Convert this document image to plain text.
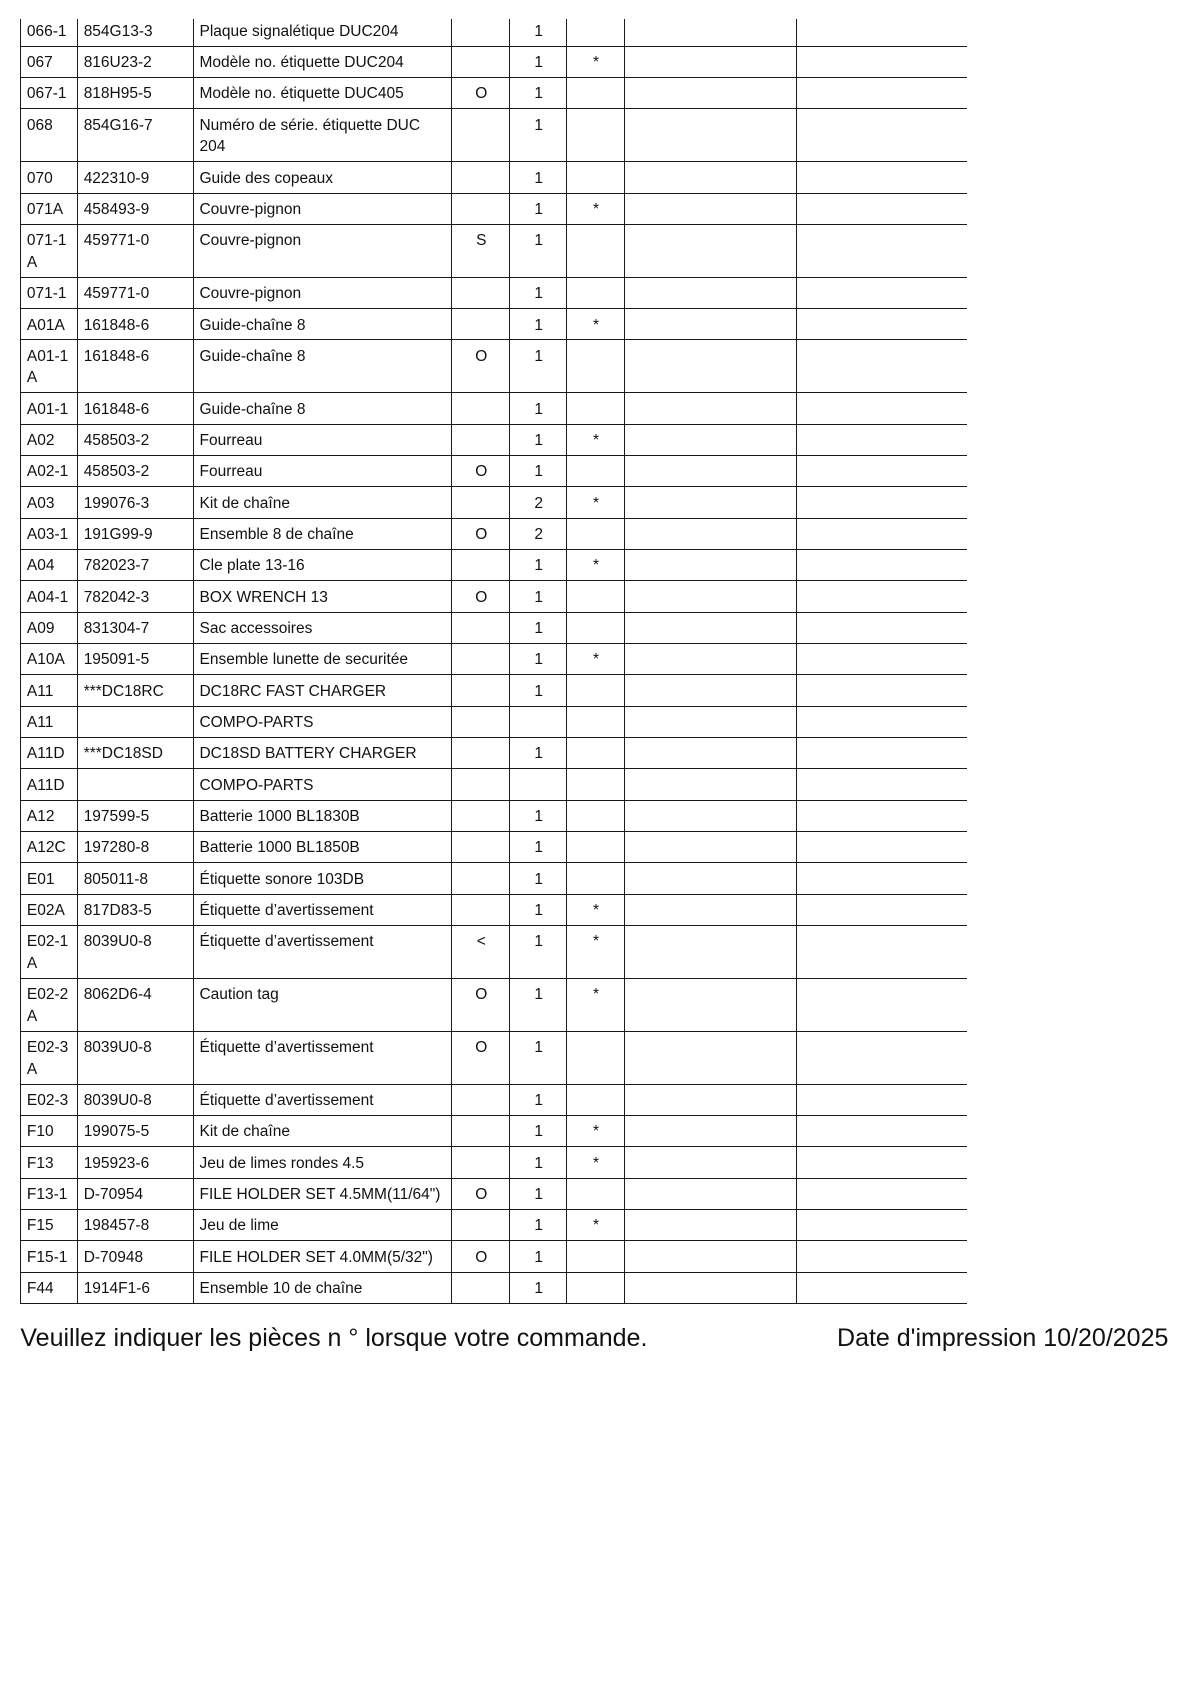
066-1	854G13-3	Plaque signalétique DUC204		1			
067	816U23-2	Modèle no. étiquette DUC204		1	*		
067-1	818H95-5	Modèle no. étiquette DUC405	O	1			
068	854G16-7	Numéro de série. étiquette DUC 204		1			
070	422310-9	Guide des copeaux		1			
071A	458493-9	Couvre-pignon		1	*		
071-1A	459771-0	Couvre-pignon	S	1			
071-1	459771-0	Couvre-pignon		1			
A01A	161848-6	Guide-chaîne 8		1	*		
A01-1A	161848-6	Guide-chaîne 8	O	1			
A01-1	161848-6	Guide-chaîne 8		1			
A02	458503-2	Fourreau		1	*		
A02-1	458503-2	Fourreau	O	1			
A03	199076-3	Kit de chaîne		2	*		
A03-1	191G99-9	Ensemble 8 de chaîne	O	2			
A04	782023-7	Cle plate 13-16		1	*		
A04-1	782042-3	BOX WRENCH 13	O	1			
A09	831304-7	Sac accessoires		1			
A10A	195091-5	Ensemble lunette de securitée		1	*		
A11	***DC18RC	DC18RC FAST CHARGER		1			
A11		COMPO-PARTS					
A11D	***DC18SD	DC18SD BATTERY CHARGER		1			
A11D		COMPO-PARTS					
A12	197599-5	Batterie 1000 BL1830B		1			
A12C	197280-8	Batterie 1000 BL1850B		1			
E01	805011-8	Étiquette sonore 103DB		1			
E02A	817D83-5	Étiquette d’avertissement		1	*		
E02-1A	8039U0-8	Étiquette d’avertissement	<	1	*		
E02-2A	8062D6-4	Caution tag	O	1	*		
E02-3A	8039U0-8	Étiquette d’avertissement	O	1			
E02-3	8039U0-8	Étiquette d’avertissement		1			
F10	199075-5	Kit de chaîne		1	*		
F13	195923-6	Jeu de limes rondes 4.5		1	*		
F13-1	D-70954	FILE HOLDER SET 4.5MM(11/64")	O	1			
F15	198457-8	Jeu de lime		1	*		
F15-1	D-70948	FILE HOLDER SET 4.0MM(5/32")	O	1			
F44	1914F1-6	Ensemble 10 de chaîne		1			
Veuillez indiquer les pièces n ° lorsque votre commande.	Date d'impression 10/20/2025
